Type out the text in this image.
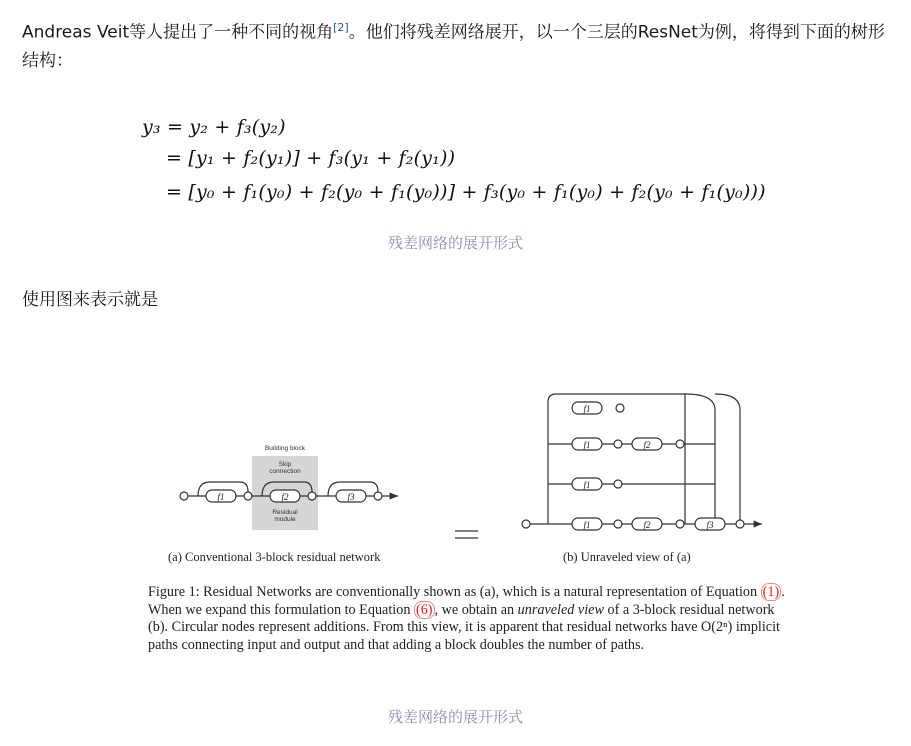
Andreas Veit等人提出了一种不同的视角[2]。他们将残差网络展开，以一个三层的ResNet为例，将得到下面的树形结构：
y₃ = y₂ + f₃(y₂)
= [y₁ + f₂(y₁)] + f₃(y₁ + f₂(y₁))
= [y₀ + f₁(y₀) + f₂(y₀ + f₁(y₀))] + f₃(y₀ + f₁(y₀) + f₂(y₀ + f₁(y₀)))
残差网络的展开形式
使用图来表示就是
f1	f2	f3
f1
f1	f2
f1
f1	f2	f3
Building block
Skip
connection
Residual
module
(a) Conventional 3-block residual network	(b) Unraveled view of (a)
Figure 1: Residual Networks are conventionally shown as (a), which is a natural representation of Equation (1) . When we expand this formulation to Equation (6) , we obtain an unraveled view of a 3-block residual network (b). Circular nodes represent additions. From this view, it is apparent that residual networks have O(2ⁿ) implicit paths connecting input and output and that adding a block doubles the number of paths.
残差网络的展开形式
